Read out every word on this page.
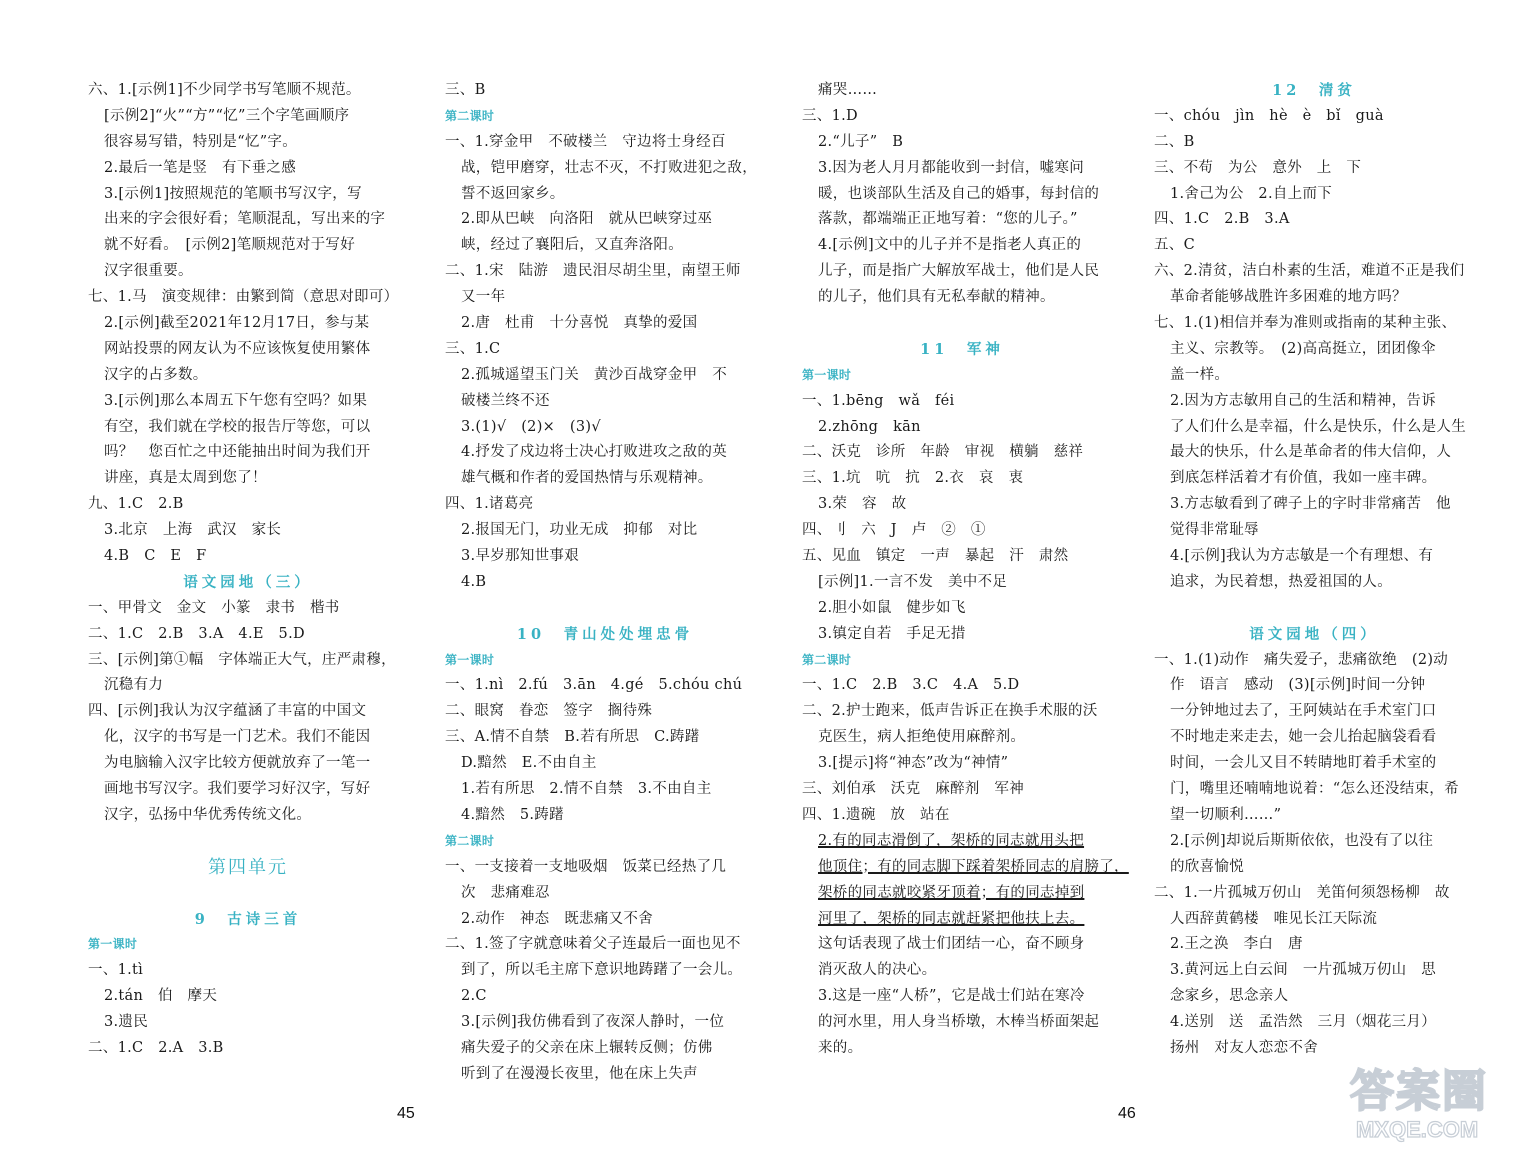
六、1.[示例1]不少同学书写笔顺不规范。
[示例2]“火”“方”“忆”三个字笔画顺序
很容易写错，特别是“忆”字。
2.最后一笔是竖　有下垂之感
3.[示例1]按照规范的笔顺书写汉字，写
出来的字会很好看；笔顺混乱，写出来的字
就不好看。　[示例2]笔顺规范对于写好
汉字很重要。
七、1.马　演变规律：由繁到简（意思对即可）
2.[示例]截至2021年12月17日，参与某
网站投票的网友认为不应该恢复使用繁体
汉字的占多数。
3.[示例]那么本周五下午您有空吗？如果
有空，我们就在学校的报告厅等您，可以
吗？　您百忙之中还能抽出时间为我们开
讲座，真是太周到您了！
九、1.C　2.B
3.北京　上海　武汉　家长
4.B　C　E　F
语文园地（三）
一、甲骨文　金文　小篆　隶书　楷书
二、1.C　2.B　3.A　4.E　5.D
三、[示例]第①幅　字体端正大气，庄严肃穆，
沉稳有力
四、[示例]我认为汉字蕴涵了丰富的中国文
化，汉字的书写是一门艺术。我们不能因
为电脑输入汉字比较方便就放弃了一笔一
画地书写汉字。我们要学习好汉字，写好
汉字，弘扬中华优秀传统文化。
第四单元
9　古诗三首
第一课时
一、1.tì
2.tán　伯　摩天
3.遗民
二、1.C　2.A　3.B
三、B
第二课时
一、1.穿金甲　不破楼兰　守边将士身经百
战，铠甲磨穿，壮志不灭，不打败进犯之敌，
誓不返回家乡。
2.即从巴峡　向洛阳　就从巴峡穿过巫
峡，经过了襄阳后，又直奔洛阳。
二、1.宋　陆游　遗民泪尽胡尘里，南望王师
又一年
2.唐　杜甫　十分喜悦　真挚的爱国
三、1.C
2.孤城遥望玉门关　黄沙百战穿金甲　不
破楼兰终不还
3.(1)√　(2)×　(3)√
4.抒发了戍边将士决心打败进攻之敌的英
雄气概和作者的爱国热情与乐观精神。
四、1.诸葛亮
2.报国无门，功业无成　抑郁　对比
3.早岁那知世事艰
4.B
10　青山处处埋忠骨
第一课时
一、1.nì　2.fú　3.ān　4.gé　5.chóu chú
二、眼窝　眷恋　签字　搁待殊
三、A.情不自禁　B.若有所思　C.踌躇
D.黯然　E.不由自主
1.若有所思　2.情不自禁　3.不由自主
4.黯然　5.踌躇
第二课时
一、一支接着一支地吸烟　饭菜已经热了几
次　悲痛难忍
2.动作　神态　既悲痛又不舍
二、1.签了字就意味着父子连最后一面也见不
到了，所以毛主席下意识地踌躇了一会儿。
2.C
3.[示例]我仿佛看到了夜深人静时，一位
痛失爱子的父亲在床上辗转反侧；仿佛
听到了在漫漫长夜里，他在床上失声
痛哭……
三、1.D
2.“儿子”　B
3.因为老人月月都能收到一封信，嘘寒问
暖，也谈部队生活及自己的婚事，每封信的
落款，都端端正正地写着：“您的儿子。”
4.[示例]文中的儿子并不是指老人真正的
儿子，而是指广大解放军战士，他们是人民
的儿子，他们具有无私奉献的精神。
11　军神
第一课时
一、1.bēng　wǎ　féi
2.zhōng　kān
二、沃克　诊所　年龄　审视　横躺　慈祥
三、1.坑　吭　抗　2.衣　哀　衷
3.荣　容　故
四、刂　六　J　卢　②　①
五、见血　镇定　一声　暴起　汗　肃然
[示例]1.一言不发　美中不足
2.胆小如鼠　健步如飞
3.镇定自若　手足无措
第二课时
一、1.C　2.B　3.C　4.A　5.D
二、2.护士跑来，低声告诉正在换手术服的沃
克医生，病人拒绝使用麻醉剂。
3.[提示]将“神态”改为“神情”
三、刘伯承　沃克　麻醉剂　军神
四、1.遗碗　放　站在
2.有的同志滑倒了，架桥的同志就用头把
他顶住；有的同志脚下踩着架桥同志的肩膀了，
架桥的同志就咬紧牙顶着；有的同志掉到
河里了，架桥的同志就赶紧把他扶上去。
这句话表现了战士们团结一心，奋不顾身
消灭敌人的决心。
3.这是一座“人桥”，它是战士们站在寒冷
的河水里，用人身当桥墩，木棒当桥面架起
来的。
12　清贫
一、chóu　jìn　hè　è　bǐ　guà
二、B
三、不苟　为公　意外　上　下
1.舍己为公　2.自上而下
四、1.C　2.B　3.A
五、C
六、2.清贫，洁白朴素的生活，难道不正是我们
革命者能够战胜许多困难的地方吗？
七、1.(1)相信并奉为准则或指南的某种主张、
主义、宗教等。　(2)高高挺立，团团像伞
盖一样。
2.因为方志敏用自己的生活和精神，告诉
了人们什么是幸福，什么是快乐，什么是人生
最大的快乐，什么是革命者的伟大信仰，人
到底怎样活着才有价值，我如一座丰碑。
3.方志敏看到了碑子上的字时非常痛苦　他
觉得非常耻辱
4.[示例]我认为方志敏是一个有理想、有
追求，为民着想，热爱祖国的人。
语文园地（四）
一、1.(1)动作　痛失爱子，悲痛欲绝　(2)动
作　语言　感动　(3)[示例]时间一分钟
一分钟地过去了，王阿姨站在手术室门口
不时地走来走去，她一会儿抬起脑袋看看
时间，一会儿又目不转睛地盯着手术室的
门，嘴里还喃喃地说着：“怎么还没结束，希
望一切顺利……”
2.[示例]却说后斯斯依依，也没有了以往
的欣喜愉悦
二、1.一片孤城万仞山　羌笛何须怨杨柳　故
人西辞黄鹤楼　唯见长江天际流
2.王之涣　李白　唐
3.黄河远上白云间　一片孤城万仞山　思
念家乡，思念亲人
4.送别　送　孟浩然　三月（烟花三月）
扬州　对友人恋恋不舍
45	46	答案圈
MXQE.COM
